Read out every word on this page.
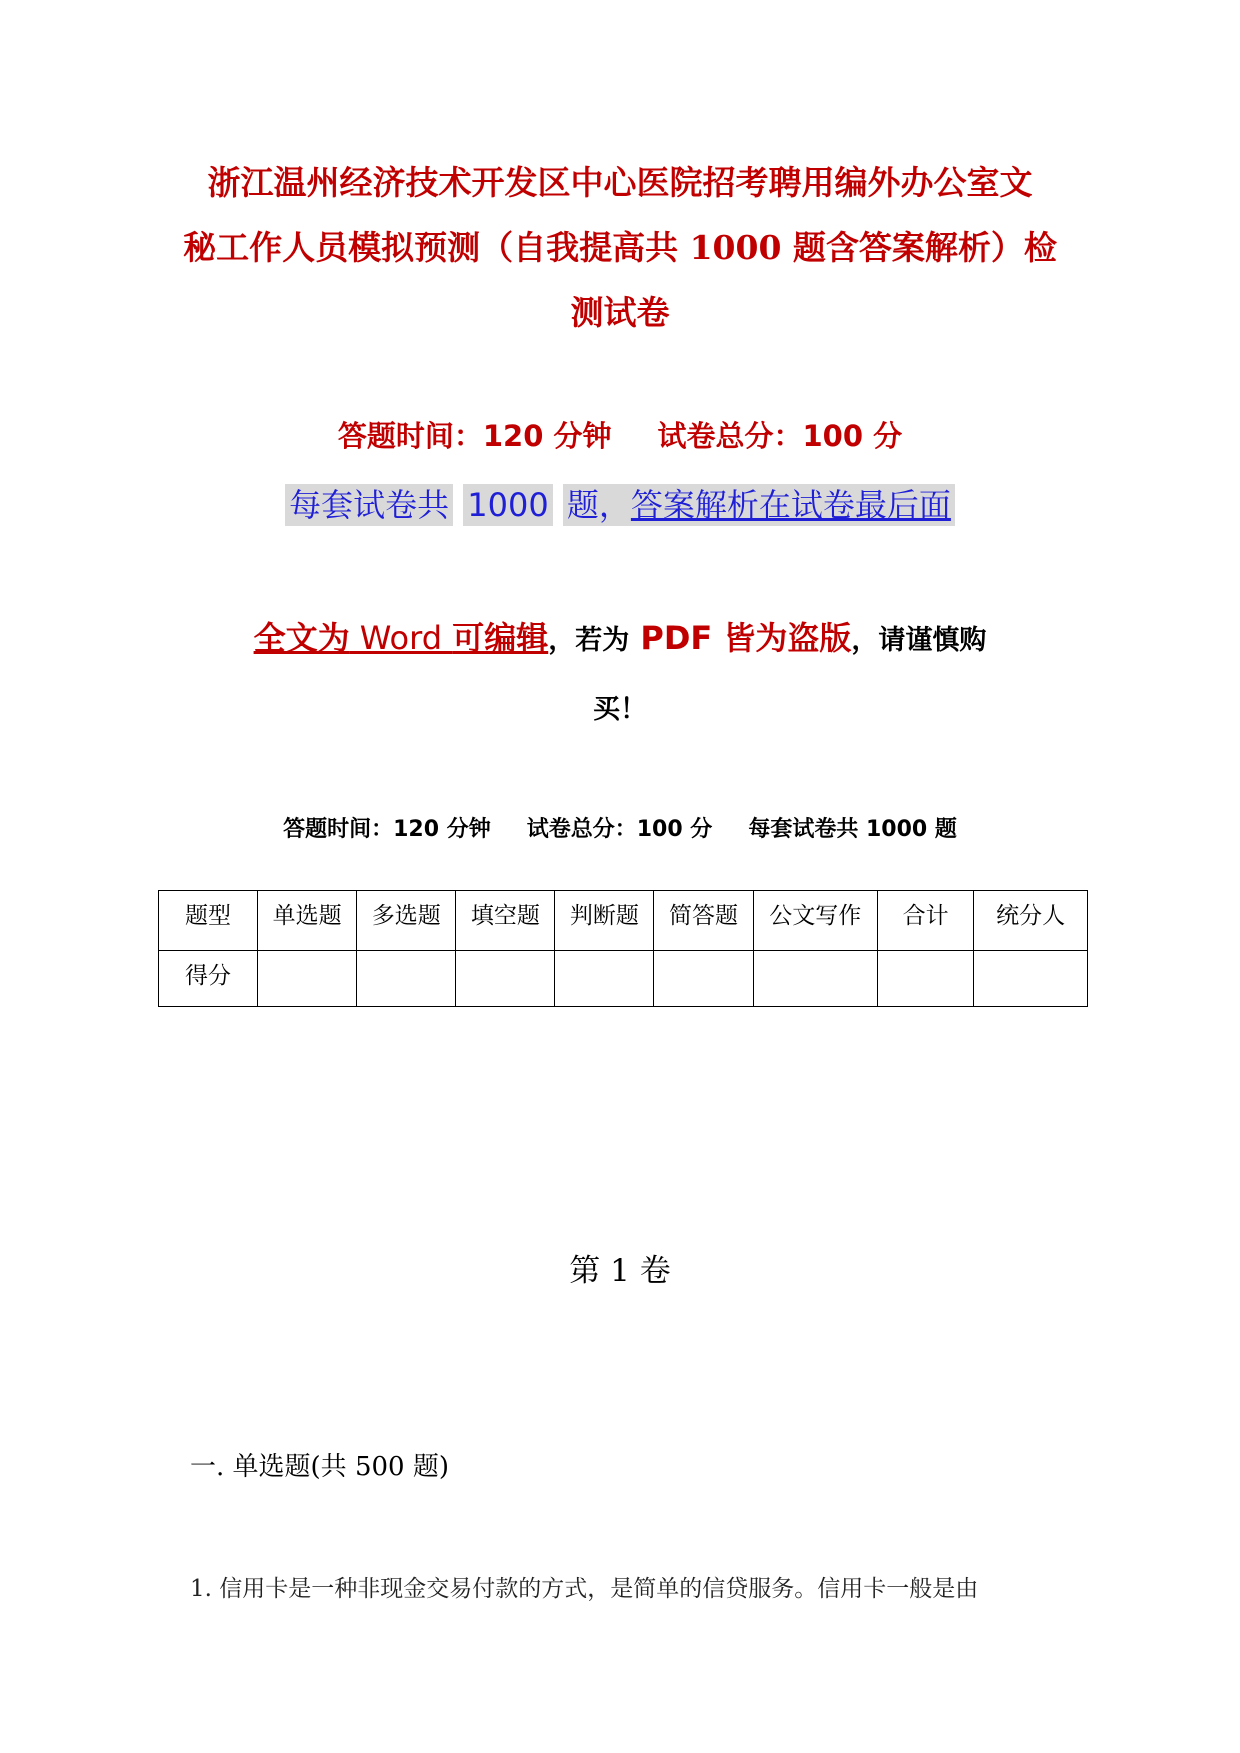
浙江温州经济技术开发区中心医院招考聘用编外办公室文
秘工作人员模拟预测（自我提高共 1000 题含答案解析）检
测试卷
答题时间：120 分钟 试卷总分：100 分
每套试卷共 1000 题，答案解析在试卷最后面
全文为 Word 可编辑，若为 PDF 皆为盗版，请谨慎购
买！
答题时间：120 分钟 试卷总分：100 分 每套试卷共 1000 题
题型	单选题	多选题	填空题	判断题	简答题	公文写作	合计	统分人
得分								
第 1 卷
一. 单选题(共 500 题)
1. 信用卡是一种非现金交易付款的方式，是简单的信贷服务。信用卡一般是由
